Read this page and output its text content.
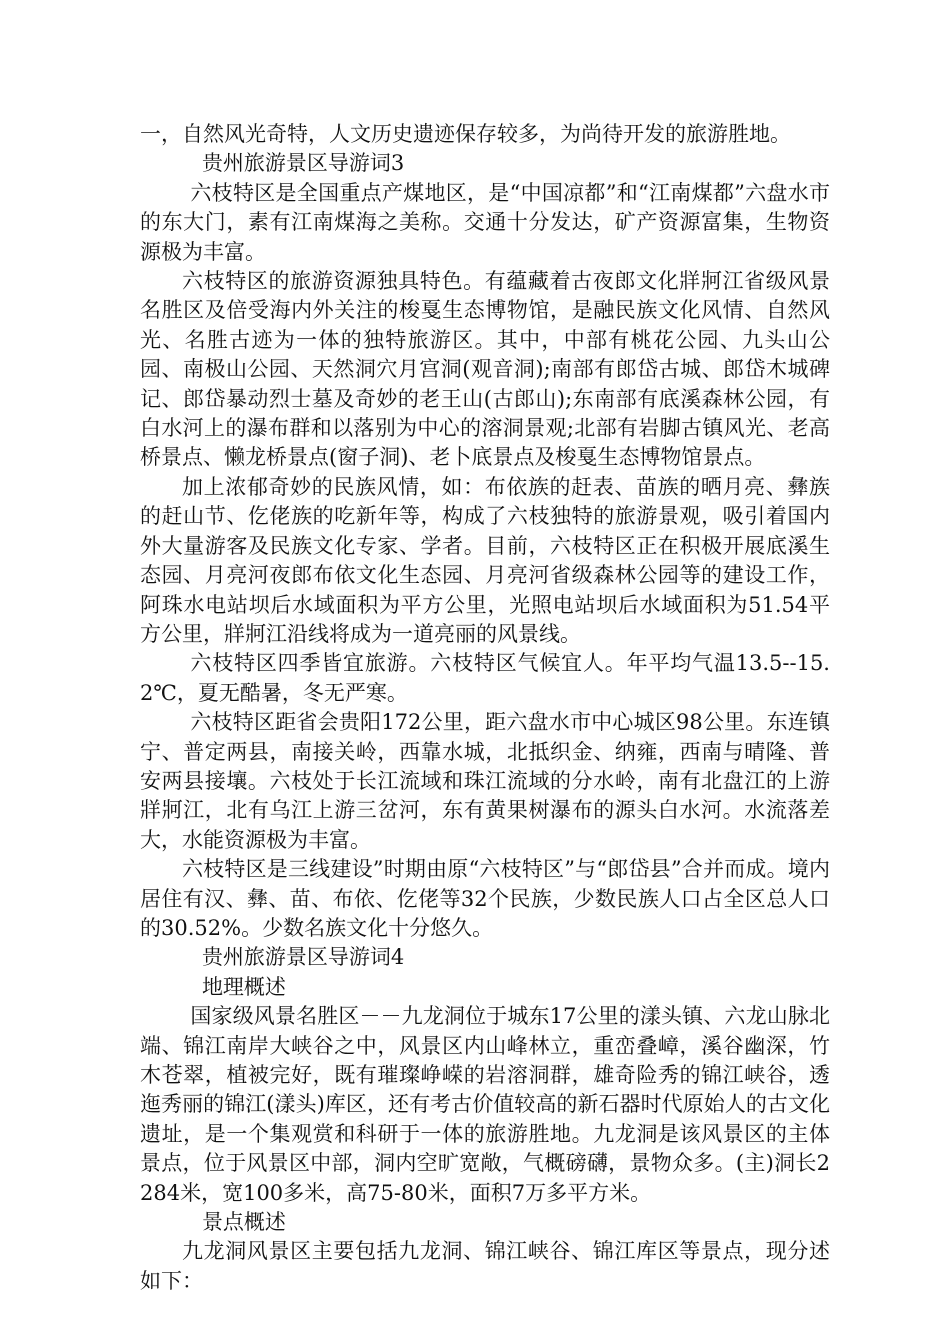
一，自然风光奇特，人文历史遗迹保存较多，为尚待开发的旅游胜地。

贵州旅游景区导游词3

六枝特区是全国重点产煤地区，是“中国凉都”和“江南煤都”六盘水市的东大门，素有江南煤海之美称。交通十分发达，矿产资源富集，生物资源极为丰富。

六枝特区的旅游资源独具特色。有蕴藏着古夜郎文化牂牁江省级风景名胜区及倍受海内外关注的梭戛生态博物馆，是融民族文化风情、自然风光、名胜古迹为一体的独特旅游区。其中，中部有桃花公园、九头山公园、南极山公园、天然洞穴月宫洞(观音洞);南部有郎岱古城、郎岱木城碑记、郎岱暴动烈士墓及奇妙的老王山(古郎山);东南部有底溪森林公园，有白水河上的瀑布群和以落别为中心的溶洞景观;北部有岩脚古镇风光、老高桥景点、懒龙桥景点(窗子洞)、老卜底景点及梭戛生态博物馆景点。

加上浓郁奇妙的民族风情，如：布依族的赶表、苗族的晒月亮、彝族的赶山节、仡佬族的吃新年等，构成了六枝独特的旅游景观，吸引着国内外大量游客及民族文化专家、学者。目前，六枝特区正在积极开展底溪生态园、月亮河夜郎布依文化生态园、月亮河省级森林公园等的建设工作，阿珠水电站坝后水域面积为平方公里，光照电站坝后水域面积为51.54平方公里，牂牁江沿线将成为一道亮丽的风景线。

六枝特区四季皆宜旅游。六枝特区气候宜人。年平均气温13.5--15.2℃，夏无酷暑，冬无严寒。

六枝特区距省会贵阳172公里，距六盘水市中心城区98公里。东连镇宁、普定两县，南接关岭，西靠水城，北抵织金、纳雍，西南与晴隆、普安两县接壤。六枝处于长江流域和珠江流域的分水岭，南有北盘江的上游牂牁江，北有乌江上游三岔河，东有黄果树瀑布的源头白水河。水流落差大，水能资源极为丰富。

六枝特区是三线建设”时期由原“六枝特区”与“郎岱县”合并而成。境内居住有汉、彝、苗、布依、仡佬等32个民族，少数民族人口占全区总人口的30.52%。少数名族文化十分悠久。

贵州旅游景区导游词4

地理概述

国家级风景名胜区－－九龙洞位于城东17公里的漾头镇、六龙山脉北端、锦江南岸大峡谷之中，风景区内山峰林立，重峦叠嶂，溪谷幽深，竹木苍翠，植被完好，既有璀璨峥嵘的岩溶洞群，雄奇险秀的锦江峡谷，透迤秀丽的锦江(漾头)库区，还有考古价值较高的新石器时代原始人的古文化遗址，是一个集观赏和科研于一体的旅游胜地。九龙洞是该风景区的主体景点，位于风景区中部，洞内空旷宽敞，气概磅礴，景物众多。(主)洞长2284米，宽100多米，高75-80米，面积7万多平方米。

景点概述

九龙洞风景区主要包括九龙洞、锦江峡谷、锦江库区等景点，现分述如下：
